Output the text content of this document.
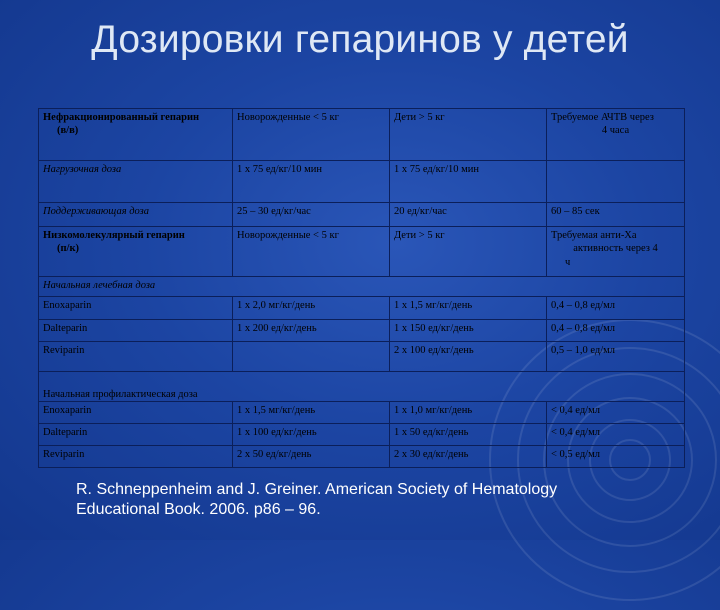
Дозировки гепаринов у детей
Нефракционированный гепарин
(в/в)	Новорожденные < 5 кг	Дети > 5 кг	Требуемое АЧТВ через
4 часа

Нагрузочная доза	1 х 75 ед/кг/10 мин	1 х 75 ед/кг/10 мин	
Поддерживающая доза	25 – 30 ед/кг/час	20 ед/кг/час	60 – 85 сек
Низкомолекулярный гепарин
(п/к)	Новорожденные < 5 кг	Дети > 5 кг	Требуемая анти-Ха
активность через 4
ч

Начальная лечебная доза			
Enoxaparin	1 х 2,0 мг/кг/день	1 х 1,5 мг/кг/день	0,4 – 0,8 ед/мл
Dalteparin	1 х 200 ед/кг/день	1 х 150 ед/кг/день	0,4 – 0,8 ед/мл
Reviparin		2 х 100 ед/кг/день	0,5 – 1,0 ед/мл
Начальная профилактическая доза			
Enoxaparin	1 х 1,5 мг/кг/день	1 х 1,0 мг/кг/день	< 0,4 ед/мл
Dalteparin	1 х 100 ед/кг/день	1 х 50 ед/кг/день	< 0,4 ед/мл
Reviparin	2 х 50 ед/кг/день	2 х 30 ед/кг/день	< 0,5 ед/мл
R. Schneppenheim and J. Greiner. American Society of Hematology
Educational Book. 2006. p86 – 96.
